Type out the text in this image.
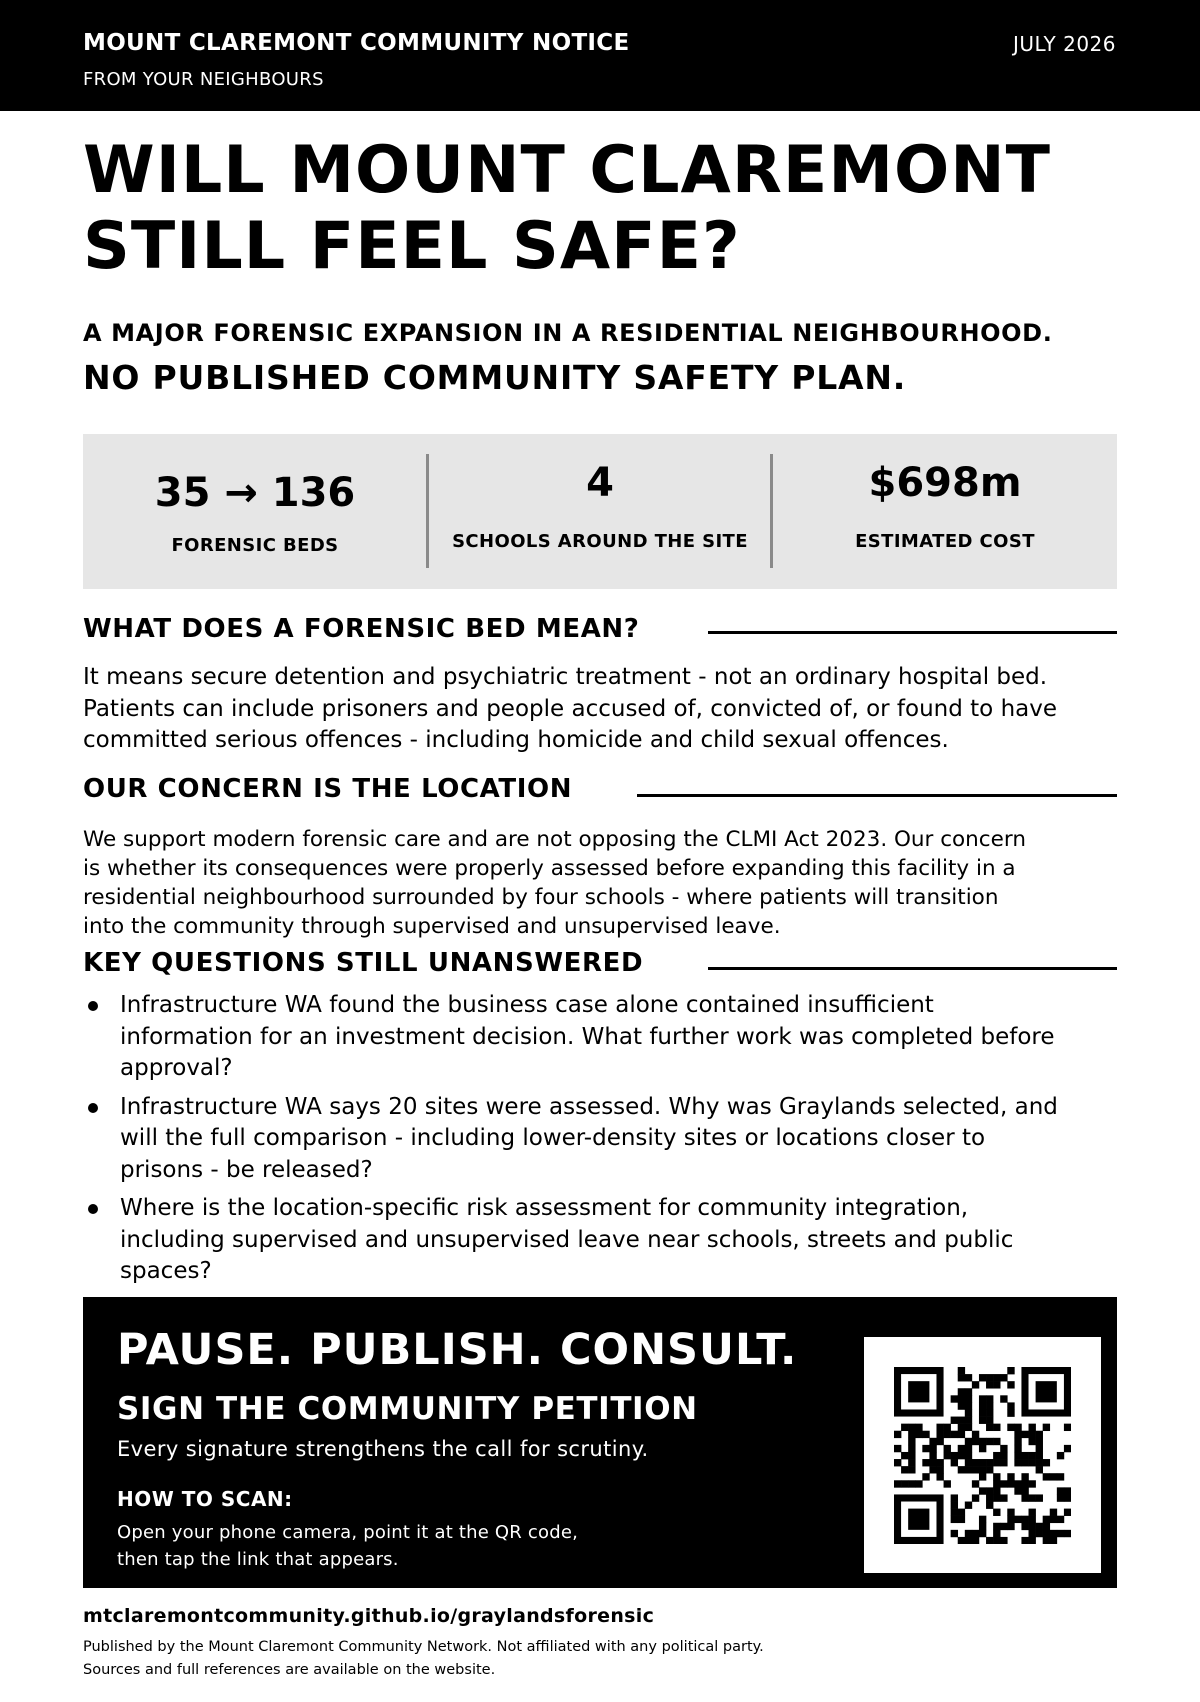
MOUNT CLAREMONT COMMUNITY NOTICE
FROM YOUR NEIGHBOURS
JULY 2026
WILL MOUNT CLAREMONT
STILL FEEL SAFE?
A MAJOR FORENSIC EXPANSION IN A RESIDENTIAL NEIGHBOURHOOD.
NO PUBLISHED COMMUNITY SAFETY PLAN.
35 → 136
FORENSIC BEDS
4
SCHOOLS AROUND THE SITE
$698m
ESTIMATED COST
WHAT DOES A FORENSIC BED MEAN?
It means secure detention and psychiatric treatment - not an ordinary hospital bed.
Patients can include prisoners and people accused of, convicted of, or found to have
committed serious offences - including homicide and child sexual offences.
OUR CONCERN IS THE LOCATION
We support modern forensic care and are not opposing the CLMI Act 2023. Our concern
is whether its consequences were properly assessed before expanding this facility in a
residential neighbourhood surrounded by four schools - where patients will transition
into the community through supervised and unsupervised leave.
KEY QUESTIONS STILL UNANSWERED
Infrastructure WA found the business case alone contained insufficient
information for an investment decision. What further work was completed before
approval?
Infrastructure WA says 20 sites were assessed. Why was Graylands selected, and
will the full comparison - including lower-density sites or locations closer to
prisons - be released?
Where is the location-specific risk assessment for community integration,
including supervised and unsupervised leave near schools, streets and public
spaces?
PAUSE. PUBLISH. CONSULT.
SIGN THE COMMUNITY PETITION
Every signature strengthens the call for scrutiny.
HOW TO SCAN:
Open your phone camera, point it at the QR code,
then tap the link that appears.
mtclaremontcommunity.github.io/graylandsforensic
Published by the Mount Claremont Community Network. Not affiliated with any political party.
Sources and full references are available on the website.
